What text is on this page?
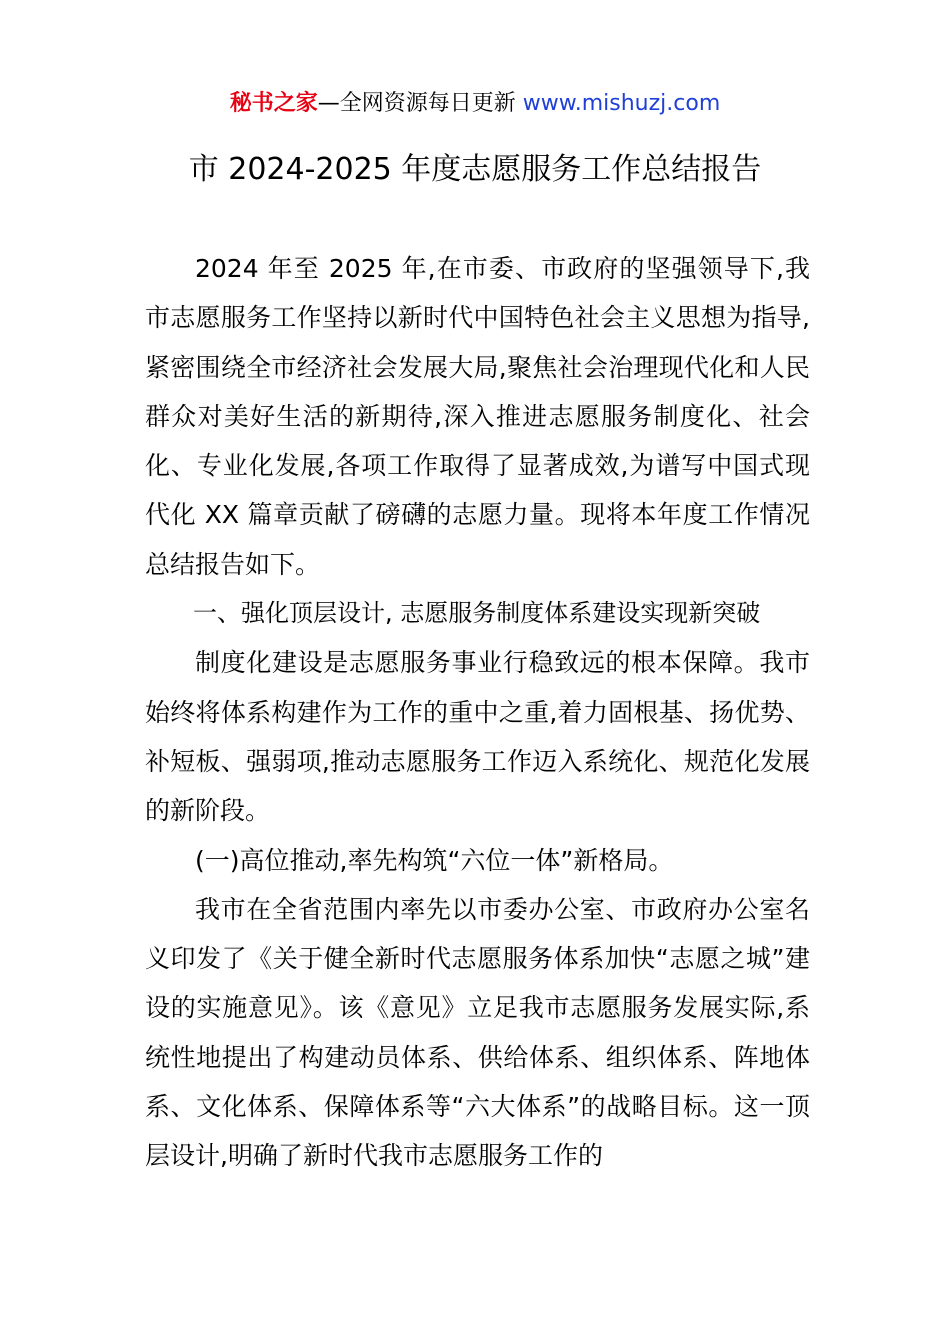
秘书之家—全网资源每日更新 www.mishuzj.com
市 2024-2025 年度志愿服务工作总结报告

2024 年至 2025 年,在市委、市政府的坚强领导下,我市志愿服务工作坚持以新时代中国特色社会主义思想为指导,紧密围绕全市经济社会发展大局,聚焦社会治理现代化和人民群众对美好生活的新期待,深入推进志愿服务制度化、社会化、专业化发展,各项工作取得了显著成效,为谱写中国式现代化 XX 篇章贡献了磅礴的志愿力量。现将本年度工作情况总结报告如下。

一、强化顶层设计, 志愿服务制度体系建设实现新突破

制度化建设是志愿服务事业行稳致远的根本保障。我市始终将体系构建作为工作的重中之重,着力固根基、扬优势、补短板、强弱项,推动志愿服务工作迈入系统化、规范化发展的新阶段。

(一)高位推动,率先构筑“六位一体”新格局。

我市在全省范围内率先以市委办公室、市政府办公室名义印发了《关于健全新时代志愿服务体系加快“志愿之城”建设的实施意见》。该《意见》立足我市志愿服务发展实际,系统性地提出了构建动员体系、供给体系、组织体系、阵地体系、文化体系、保障体系等“六大体系”的战略目标。这一顶层设计,明确了新时代我市志愿服务工作的
